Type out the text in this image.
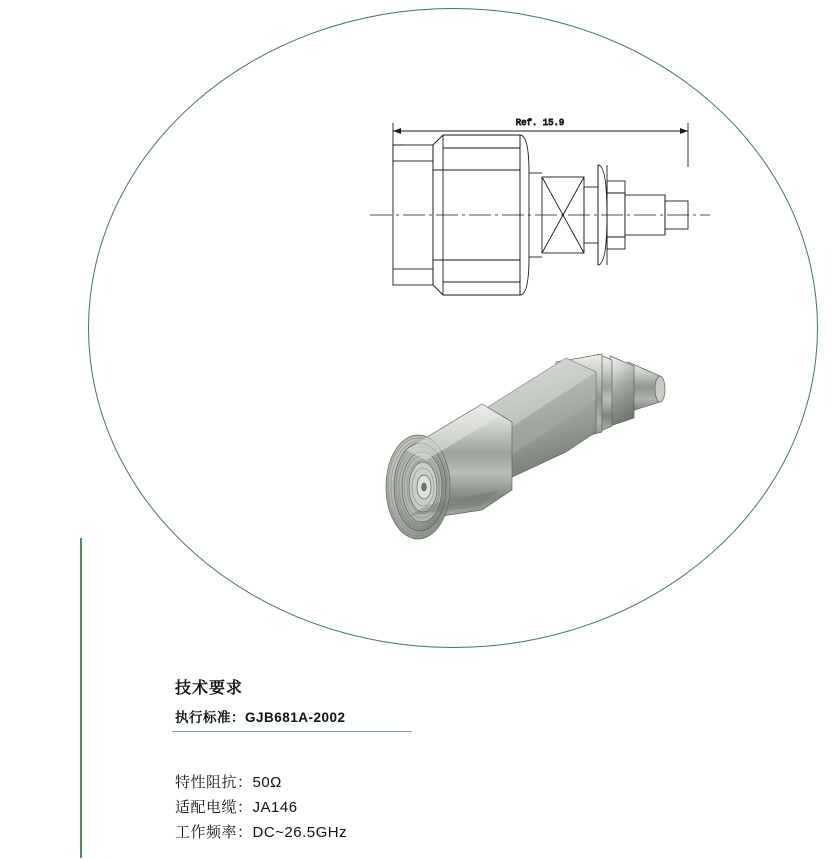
Ref. 15.9
技术要求
执行标准：GJB681A-2002
特性阻抗：50Ω
适配电缆：JA146
工作频率：DC~26.5GHz
